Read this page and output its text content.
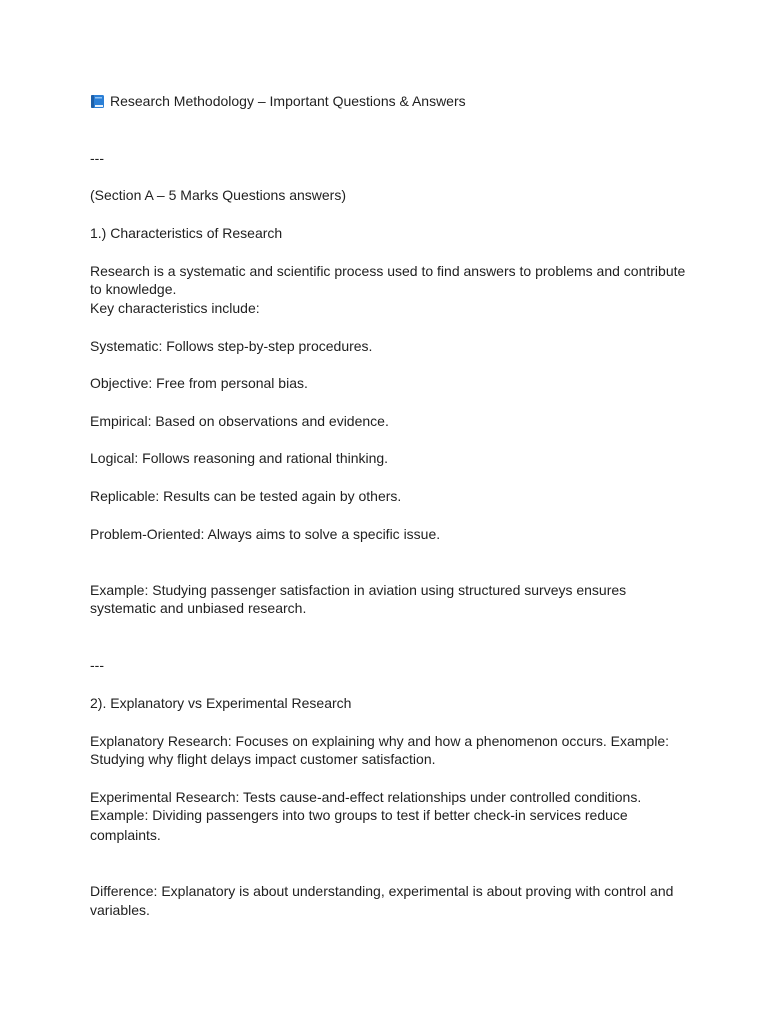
Research Methodology – Important Questions & Answers
---
(Section A – 5 Marks Questions answers)
1.) Characteristics of Research
Research is a systematic and scientific process used to find answers to problems and contribute
to knowledge.
Key characteristics include:
Systematic: Follows step-by-step procedures.
Objective: Free from personal bias.
Empirical: Based on observations and evidence.
Logical: Follows reasoning and rational thinking.
Replicable: Results can be tested again by others.
Problem-Oriented: Always aims to solve a specific issue.
Example: Studying passenger satisfaction in aviation using structured surveys ensures
systematic and unbiased research.
---
2). Explanatory vs Experimental Research
Explanatory Research: Focuses on explaining why and how a phenomenon occurs. Example:
Studying why flight delays impact customer satisfaction.
Experimental Research: Tests cause-and-effect relationships under controlled conditions.
Example: Dividing passengers into two groups to test if better check-in services reduce
complaints.
Difference: Explanatory is about understanding, experimental is about proving with control and
variables.
